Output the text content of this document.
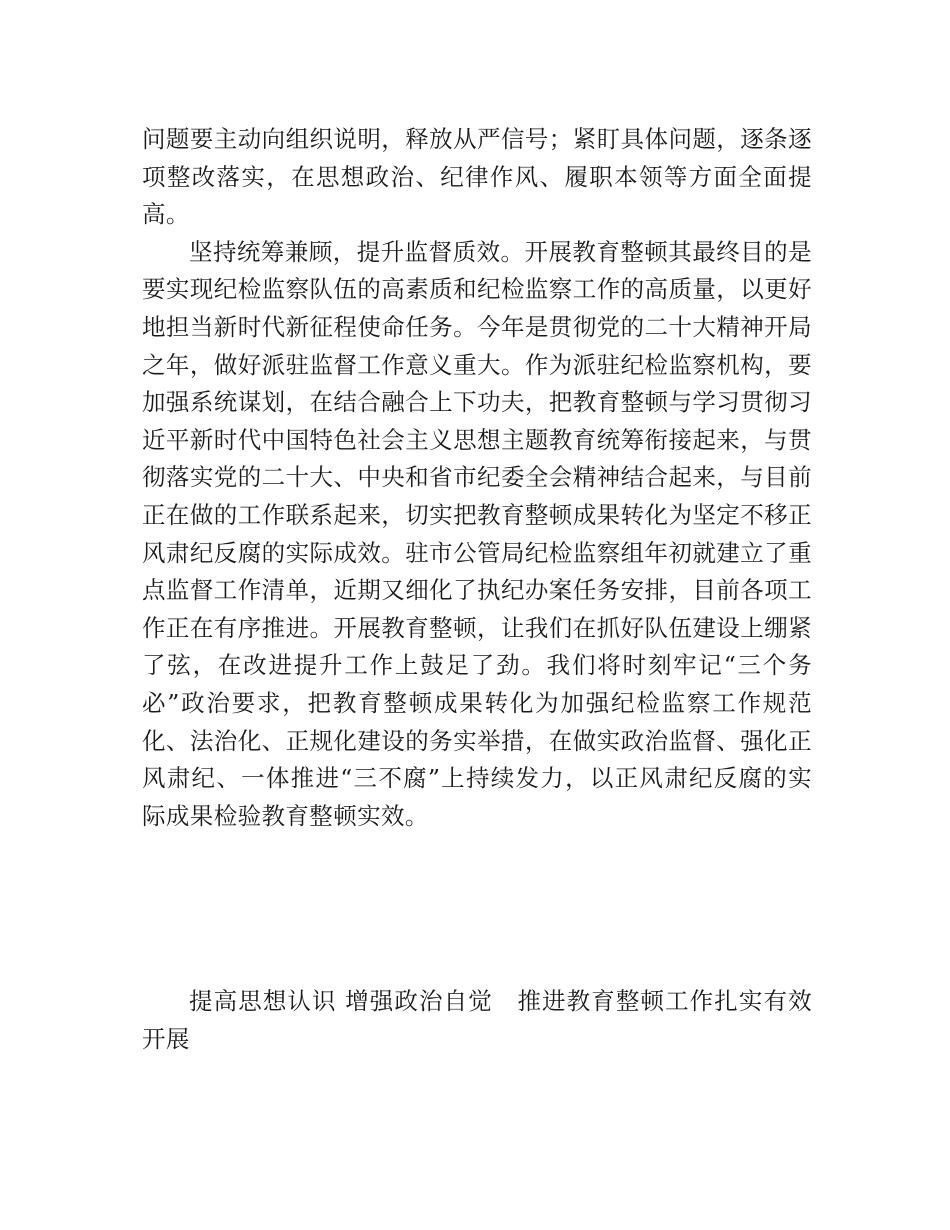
问题要主动向组织说明，释放从严信号；紧盯具体问题，逐条逐项整改落实，在思想政治、纪律作风、履职本领等方面全面提高。

坚持统筹兼顾，提升监督质效。开展教育整顿其最终目的是要实现纪检监察队伍的高素质和纪检监察工作的高质量，以更好地担当新时代新征程使命任务。今年是贯彻党的二十大精神开局之年，做好派驻监督工作意义重大。作为派驻纪检监察机构，要加强系统谋划，在结合融合上下功夫，把教育整顿与学习贯彻习近平新时代中国特色社会主义思想主题教育统筹衔接起来，与贯彻落实党的二十大、中央和省市纪委全会精神结合起来，与目前正在做的工作联系起来，切实把教育整顿成果转化为坚定不移正风肃纪反腐的实际成效。驻市公管局纪检监察组年初就建立了重点监督工作清单，近期又细化了执纪办案任务安排，目前各项工作正在有序推进。开展教育整顿，让我们在抓好队伍建设上绷紧了弦，在改进提升工作上鼓足了劲。我们将时刻牢记“三个务必”政治要求，把教育整顿成果转化为加强纪检监察工作规范化、法治化、正规化建设的务实举措，在做实政治监督、强化正风肃纪、一体推进“三不腐”上持续发力，以正风肃纪反腐的实际成果检验教育整顿实效。

提高思想认识 增强政治自觉　推进教育整顿工作扎实有效开展
